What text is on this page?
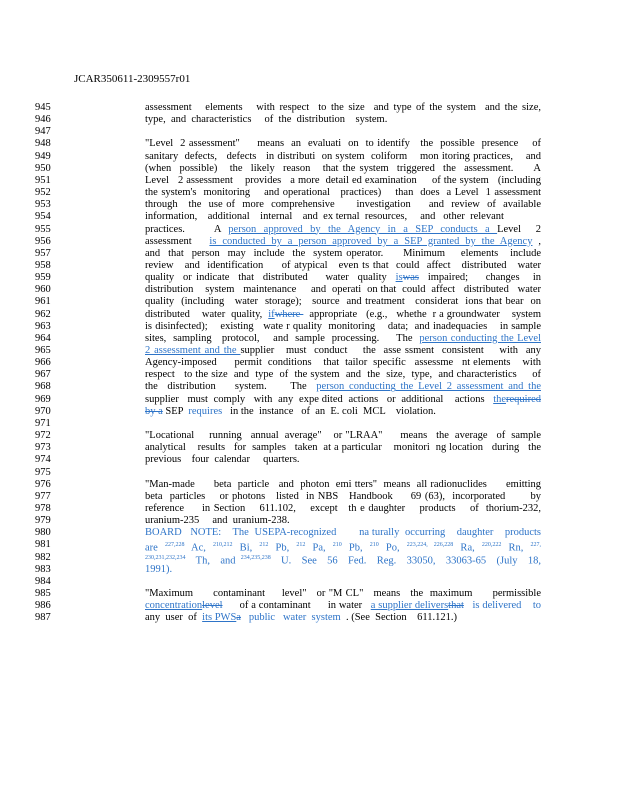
JCAR350611-2309557r01
945	assessment   elements   with respect  to the size  and type of the system  and the size,
946	type,  and  characteristics     of  the  distribution    system.
947
948	"Level  2 assessment"     means  an  evaluati  on  to identify   the  possible  presence    of
949	sanitary  defects,   defects   in distributi  on system  coliform    mon itoring practices,    and
950	(when  possible)   the  likely  reason   that the system  triggered  the  assessment.     A
951	Level   2 assessment    provides   a more  detail ed examination     of the system   (including
952	the system's  monitoring    and operational   practices)    than  does  a Level  1 assessment
953	through   the  use of  more  comprehensive      investigation     and  review  of  available
954	information,    additional    internal    and  ex ternal  resources,     and   other  relevant
955	practices.    A person approved by the Agency in a SEP conducts a Level  2
956	assessment   is conducted by a person approved by a SEP granted by the Agency ,
957	and  that  person  may  include  the  system operator.     Minimum    elements   include
958	review   and  identification     of atypical   even ts that  could  affect   distributed   water
959	quality  or indicate  that  distributed    water  quality  iswas  impaired;    changes   in
960	distribution    system   maintenance     and  operati  on that  could  affect   distributed   water
961	quality  (including   water  storage);   source  and treatment   considerat  ions that bear  on
962	distributed    water  quality,  ifwhere   appropriate   (e.g.,   whethe  r a groundwater    system
963	is disinfected);    existing   wate r quality  monitoring    data;  and inadequacies    in sample
964	sites,  sampling   protocol,    and  sample  processing.     The  person conducting the Level
965	2 assessment and the supplier   must  conduct    the  asse ssment  consistent    with  any
966	Agency-imposed      permit  conditions    that  tailor  specific   assessme   nt elements    with
967	respect   to the size  and  type  of  the system  and  the  size,  type,  and characteristics     of
968	the  distribution    system.     The  person conducting the Level 2 assessment and the
969	supplier   must  comply   with  any  expe dited  actions   or  additional    actions   therequired
970	by a SEP  requires   in the  instance   of  an  E. coli  MCL    violation.
971
972	"Locational     running   annual  average"    or "LRAA"      means   the  average   of  sample
973	analytical    results   for  samples   taken  at a particular    monitori  ng location   during   the
974	previous    four  calendar     quarters.
975
976	"Man-made      beta  particle   and  photon  emi tters"  means  all radionuclides      emitting
977	beta  particles    or photons   listed  in NBS   Handbook     69 (63),  incorporated       by
978	reference     in Section    611.102,    except   th e daughter    products    of  thorium-232,
979	uranium-235     and  uranium-238.
980	BOARD   NOTE:    The  USEPA-recognized        na turally  occurring    daughter    products
981	are $^{227,228}$ Ac, $^{210,212}$ Bi, $^{212}$ Pb, $^{212}$ Pa, $^{210}$ Pb, $^{210}$ Po, $^{223,224, 226,228}$ Ra, $^{220,222}$ Rn, $^{227,}$
982	$^{230,231,232,234}$  Th,  and $^{234,235,238}$  U.  See  56  Fed.  Reg.  33050,  33063-65  (July  18,
983	1991).
984
985	"Maximum      contaminant     level"   or "M CL"   means   the  maximum      permissible
986	concentrationlevel      of a contaminant      in water   a supplier deliversthat   is delivered    to
987	any  user  of  its PWSa   public   water  system  . (See  Section    611.121.)
